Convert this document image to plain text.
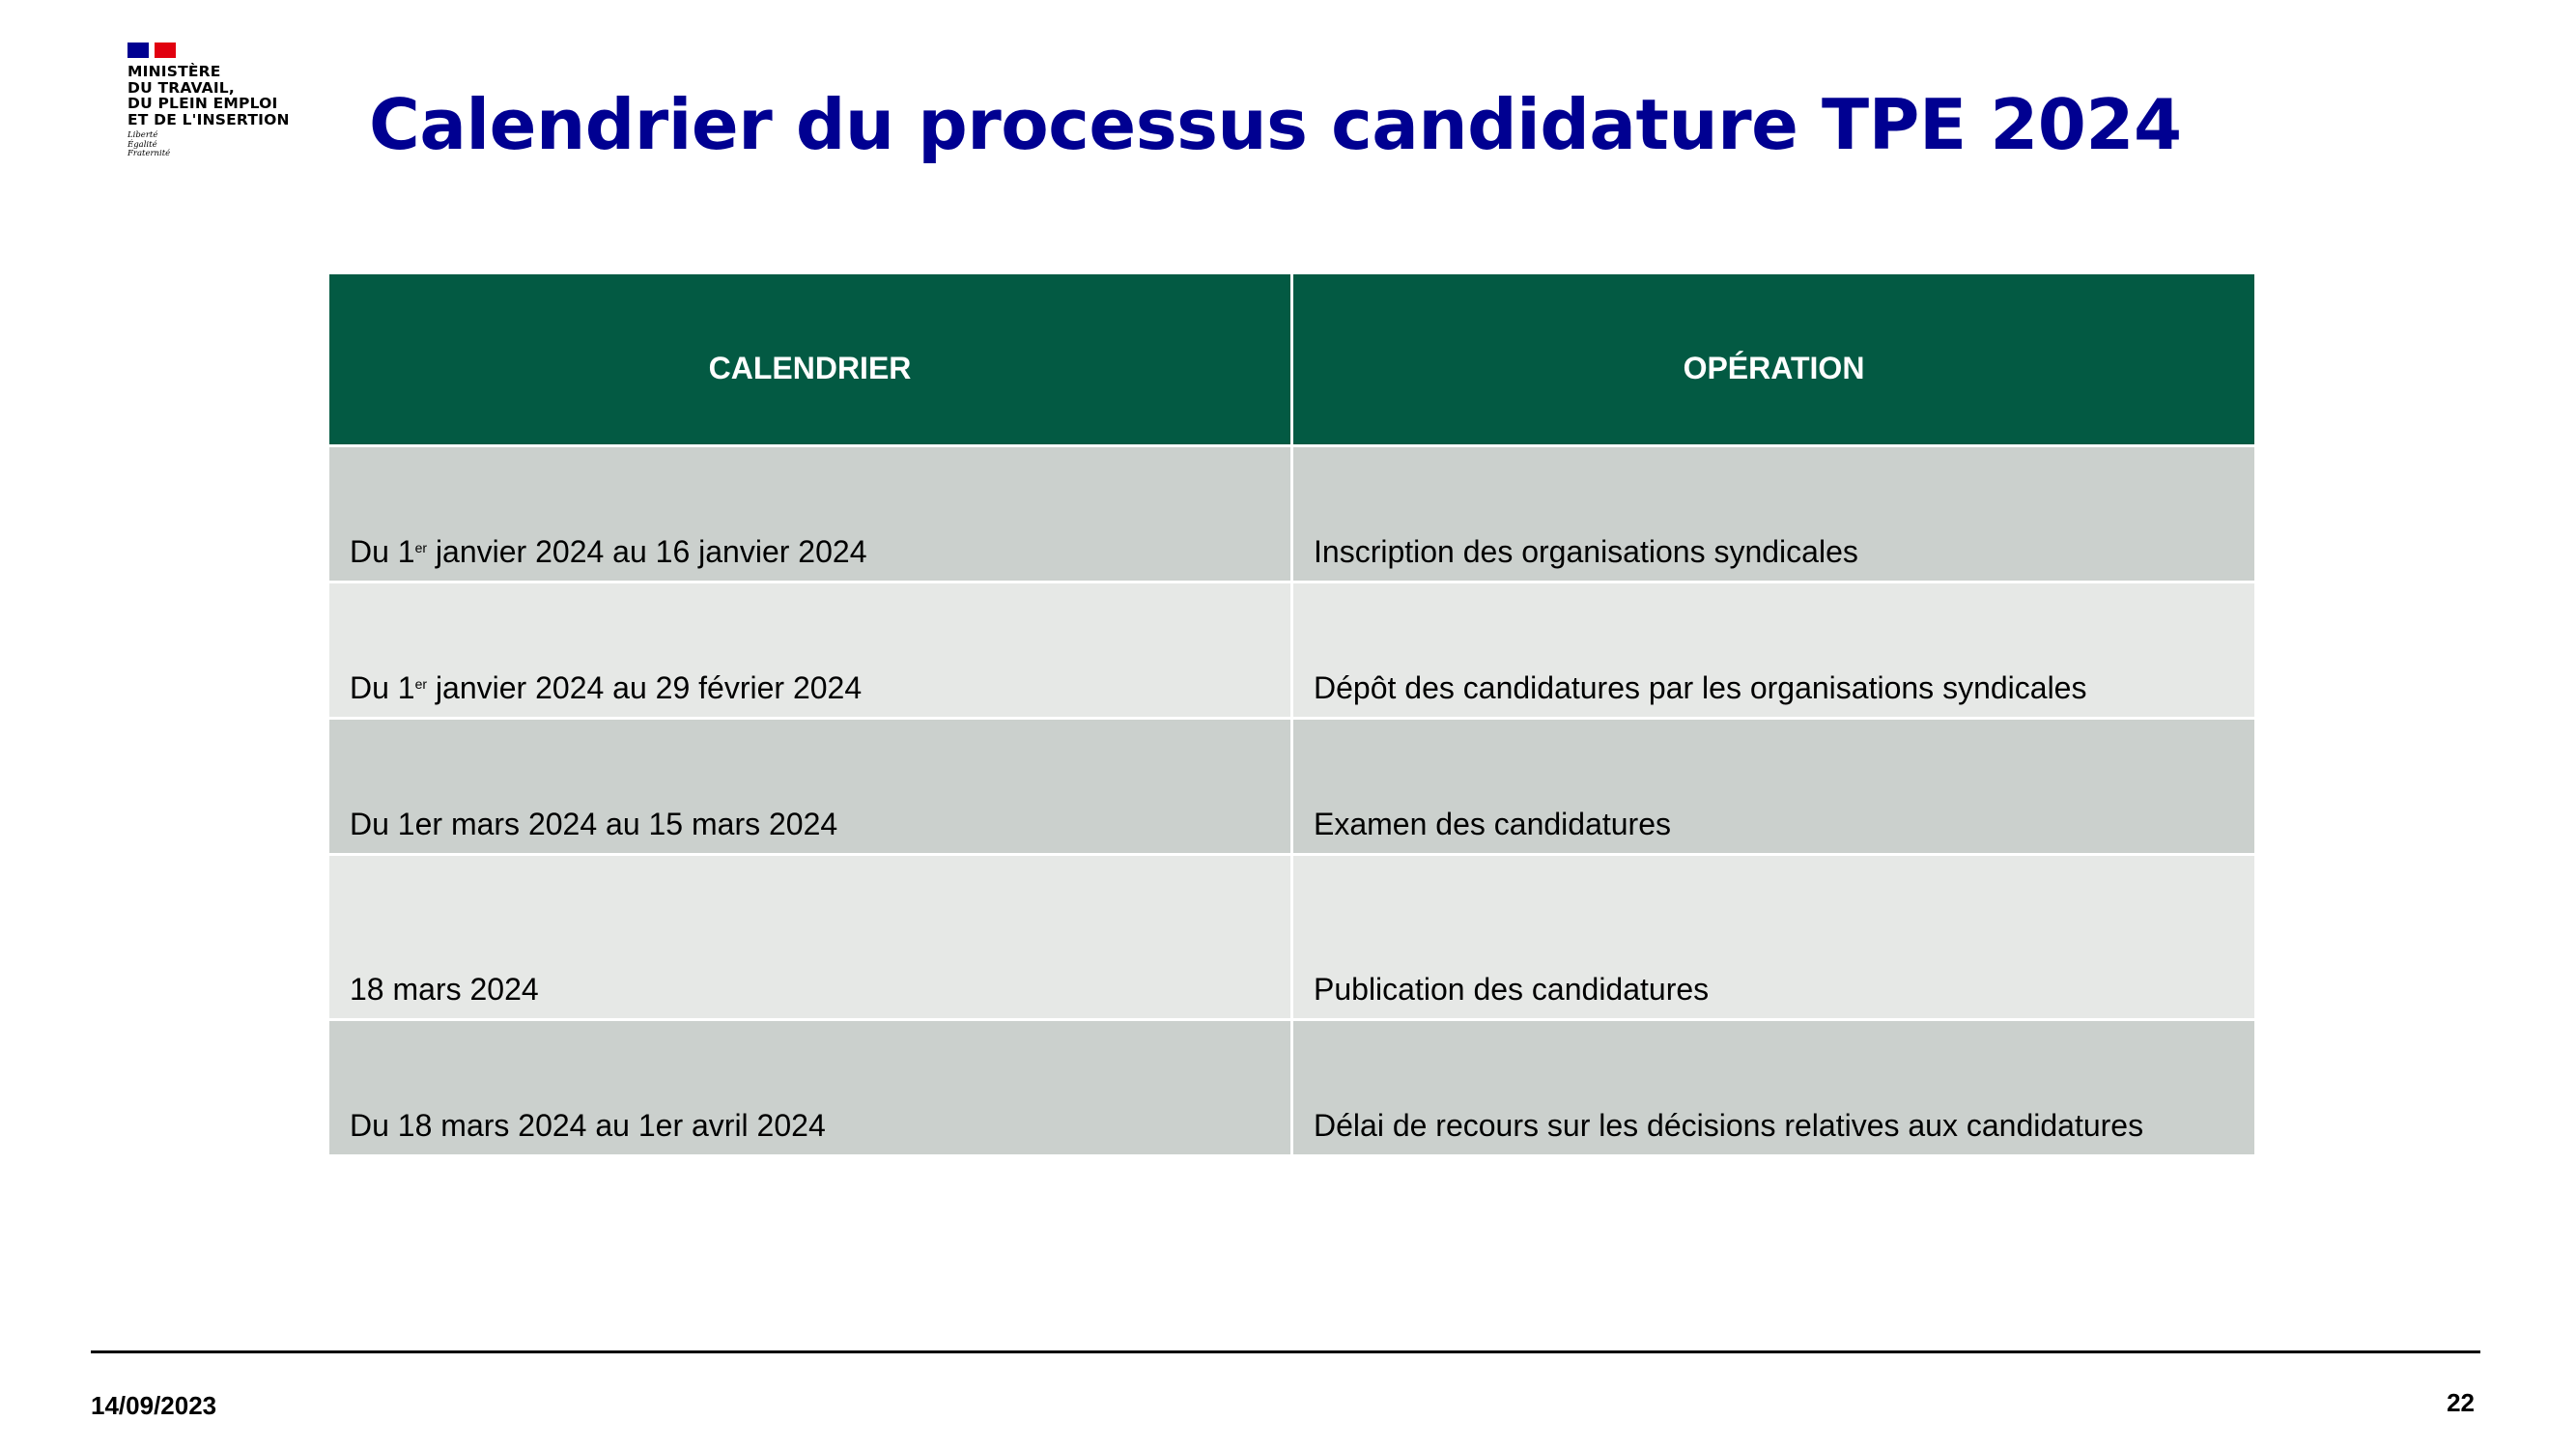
MINISTÈRE
DU TRAVAIL,
DU PLEIN EMPLOI
ET DE L'INSERTION
Liberté
Égalité
Fraternité	Calendrier du processus candidature TPE 2024
CALENDRIER	OPÉRATION
Du 1er janvier 2024 au 16 janvier 2024	Inscription des organisations syndicales
Du 1er janvier 2024 au 29 février 2024	Dépôt des candidatures par les organisations syndicales
Du 1er mars 2024 au 15 mars 2024	Examen des candidatures
18 mars 2024	Publication des candidatures
Du 18 mars 2024 au 1er avril 2024	Délai de recours sur les décisions relatives aux candidatures
14/09/2023	22
